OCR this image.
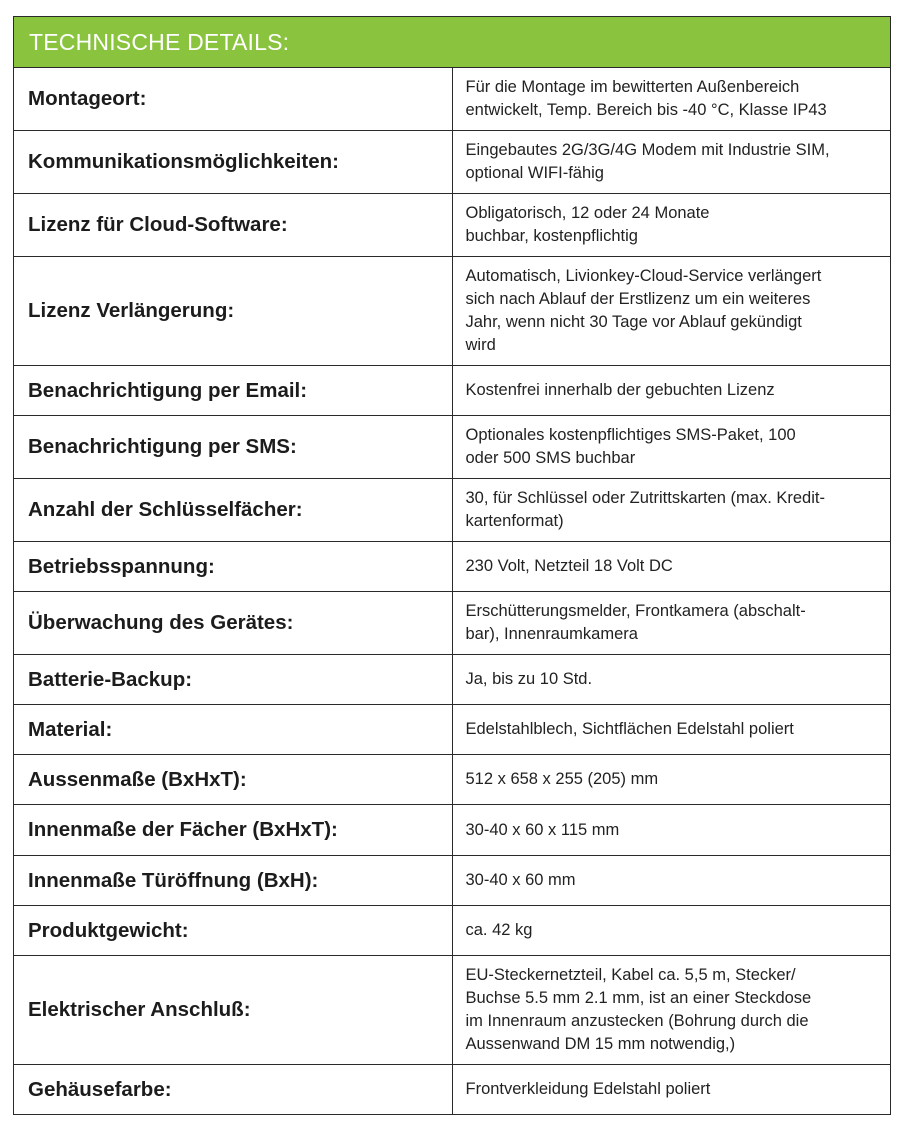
TECHNISCHE DETAILS:	
Montageort:	Für die Montage im bewitterten Außenbereich
entwickelt, Temp. Bereich bis -40 °C, Klasse IP43

Kommunikationsmöglichkeiten:	Eingebautes 2G/3G/4G Modem mit Industrie SIM,
optional WIFI-fähig

Lizenz für Cloud-Software:	Obligatorisch, 12 oder 24 Monate
buchbar, kostenpflichtig

Lizenz Verlängerung:	Automatisch, Livionkey-Cloud-Service verlängert
sich nach Ablauf der Erstlizenz um ein weiteres
Jahr, wenn nicht 30 Tage vor Ablauf gekündigt
wird

Benachrichtigung per Email:	Kostenfrei innerhalb der gebuchten Lizenz

Benachrichtigung per SMS:	Optionales kostenpflichtiges SMS-Paket, 100
oder 500 SMS buchbar

Anzahl der Schlüsselfächer:	30, für Schlüssel oder Zutrittskarten (max. Kredit-
kartenformat)

Betriebsspannung:	230 Volt, Netzteil 18 Volt DC

Überwachung des Gerätes:	Erschütterungsmelder, Frontkamera (abschalt-
bar), Innenraumkamera

Batterie-Backup:	Ja, bis zu 10 Std.

Material:	Edelstahlblech, Sichtflächen Edelstahl poliert

Aussenmaße (BxHxT):	512 x 658 x 255 (205) mm

Innenmaße der Fächer (BxHxT):	30-40 x 60 x 115 mm

Innenmaße Türöffnung (BxH):	30-40 x 60 mm

Produktgewicht:	ca. 42 kg

Elektrischer Anschluß:	EU-Steckernetzteil, Kabel ca. 5,5 m, Stecker/
Buchse 5.5 mm 2.1 mm, ist an einer Steckdose
im Innenraum anzustecken (Bohrung durch die
Aussenwand DM 15 mm notwendig,)

Gehäusefarbe:	Frontverkleidung Edelstahl poliert
